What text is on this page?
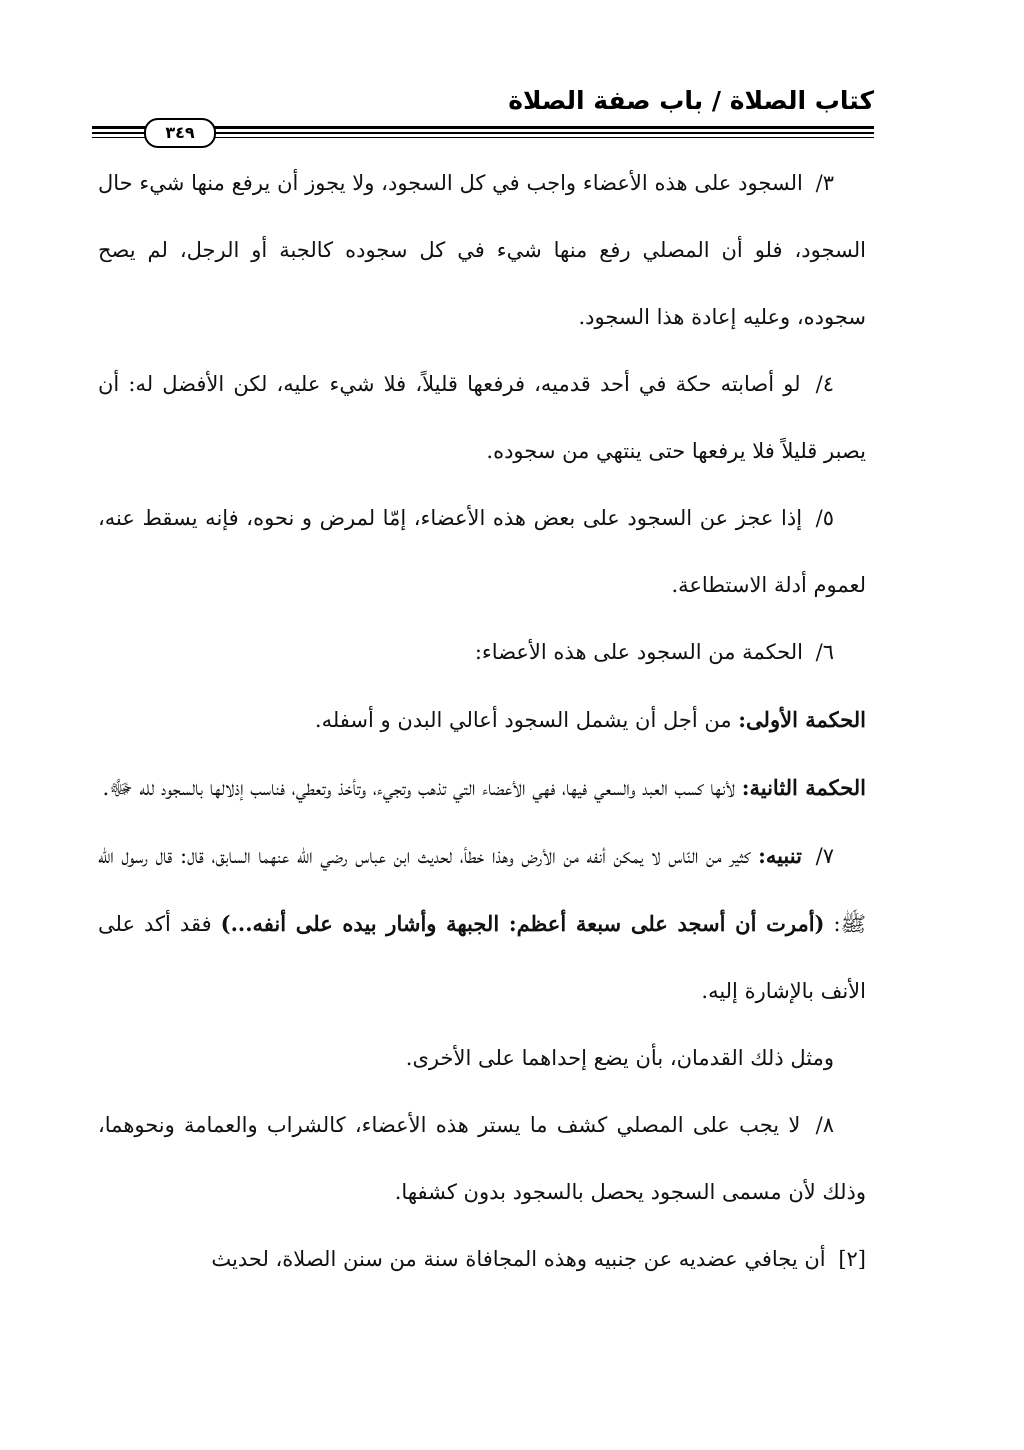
كتاب الصلاة / باب صفة الصلاة
٣٤٩

٣/ السجود على هذه الأعضاء واجب في كل السجود، ولا يجوز أن يرفع منها شيء حال السجود، فلو أن المصلي رفع منها شيء في كل سجوده كالجبة أو الرجل، لم يصح سجوده، وعليه إعادة هذا السجود.

٤/ لو أصابته حكة في أحد قدميه، فرفعها قليلاً، فلا شيء عليه، لكن الأفضل له: أن يصبر قليلاً فلا يرفعها حتى ينتهي من سجوده.

٥/ إذا عجز عن السجود على بعض هذه الأعضاء، إمّا لمرض و نحوه، فإنه يسقط عنه، لعموم أدلة الاستطاعة.

٦/ الحكمة من السجود على هذه الأعضاء:

الحكمة الأولى: من أجل أن يشمل السجود أعالي البدن و أسفله.

الحكمة الثانية: لأنها كسب العبد والسعي فيها، فهي الأعضاء التي تذهب وتجيء، وتأخذ وتعطي، فناسب إذلالها بالسجود لله ﷻ.

٧/ تنبيه: كثير من النّاس لا يمكن أنفه من الأرض وهذا خطأ، لحديث ابن عباس رضي الله عنهما السابق، قال: قال رسول الله ﷺ: (أمرت أن أسجد على سبعة أعظم: الجبهة وأشار بيده على أنفه...) فقد أكد على الأنف بالإشارة إليه.

ومثل ذلك القدمان، بأن يضع إحداهما على الأخرى.

٨/ لا يجب على المصلي كشف ما يستر هذه الأعضاء، كالشراب والعمامة ونحوهما، وذلك لأن مسمى السجود يحصل بالسجود بدون كشفها.

[٢] أن يجافي عضديه عن جنبيه وهذه المجافاة سنة من سنن الصلاة، لحديث
